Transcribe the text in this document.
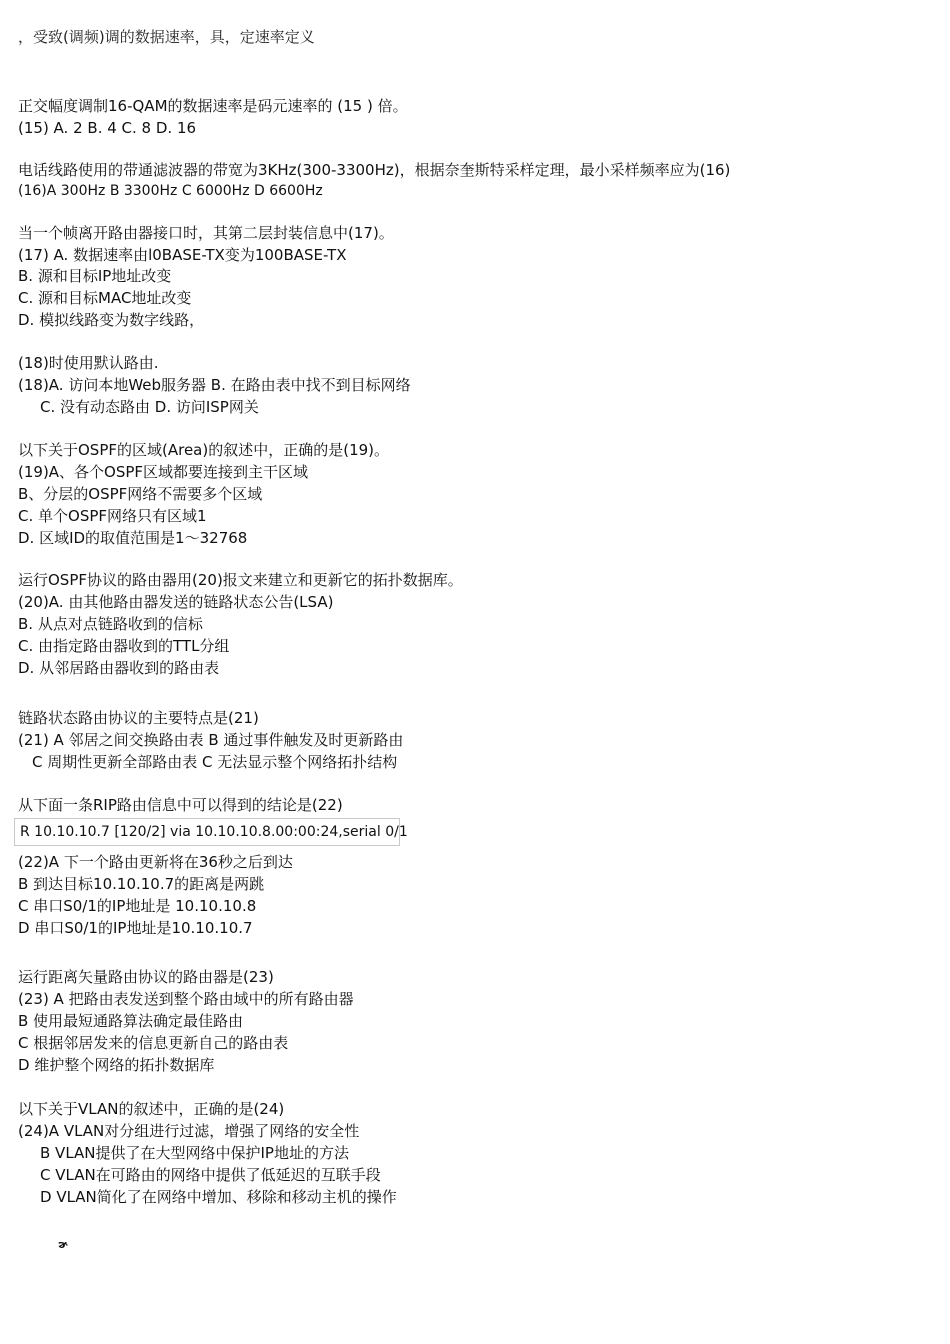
，受致(调频)调的数据速率，具，定速率定义
正交幅度调制16-QAM的数据速率是码元速率的 (15 ) 倍。
(15) A. 2 B. 4 C. 8 D. 16
电话线路使用的带通滤波器的带宽为3KHz(300-3300Hz)，根据奈奎斯特采样定理，最小采样频率应为(16)
(16)A 300Hz B 3300Hz C 6000Hz D 6600Hz
当一个帧离开路由器接口时，其第二层封装信息中(17)。
(17) A. 数据速率由l0BASE-TX变为100BASE-TX
B. 源和目标IP地址改变
C. 源和目标MAC地址改变
D. 模拟线路变为数字线路，
(18)时使用默认路由.
(18)A. 访问本地Web服务器 B. 在路由表中找不到目标网络
C. 没有动态路由 D. 访问ISP网关
以下关于OSPF的区域(Area)的叙述中，正确的是(19)。
(19)A、各个OSPF区域都要连接到主干区域
B、分层的OSPF网络不需要多个区域
C. 单个OSPF网络只有区域1
D. 区域ID的取值范围是1～32768
运行OSPF协议的路由器用(20)报文来建立和更新它的拓扑数据库。
(20)A. 由其他路由器发送的链路状态公告(LSA)
B. 从点对点链路收到的信标
C. 由指定路由器收到的TTL分组
D. 从邻居路由器收到的路由表
链路状态路由协议的主要特点是(21)
(21) A 邻居之间交换路由表 B 通过事件触发及时更新路由
C 周期性更新全部路由表 C 无法显示整个网络拓扑结构
从下面一条RIP路由信息中可以得到的结论是(22)
R 10.10.10.7 [120/2] via 10.10.10.8.00:00:24,serial 0/1
(22)A 下一个路由更新将在36秒之后到达
B 到达目标10.10.10.7的距离是两跳
C 串口S0/1的IP地址是 10.10.10.8
D 串口S0/1的IP地址是10.10.10.7
运行距离矢量路由协议的路由器是(23)
(23) A 把路由表发送到整个路由域中的所有路由器
B 使用最短通路算法确定最佳路由
C 根据邻居发来的信息更新自己的路由表
D 维护整个网络的拓扑数据库
以下关于VLAN的叙述中，正确的是(24)
(24)A VLAN对分组进行过滤，增强了网络的安全性
B VLAN提供了在大型网络中保护IP地址的方法
C VLAN在可路由的网络中提供了低延迟的互联手段
D VLAN简化了在网络中增加、移除和移动主机的操作
ɚ
